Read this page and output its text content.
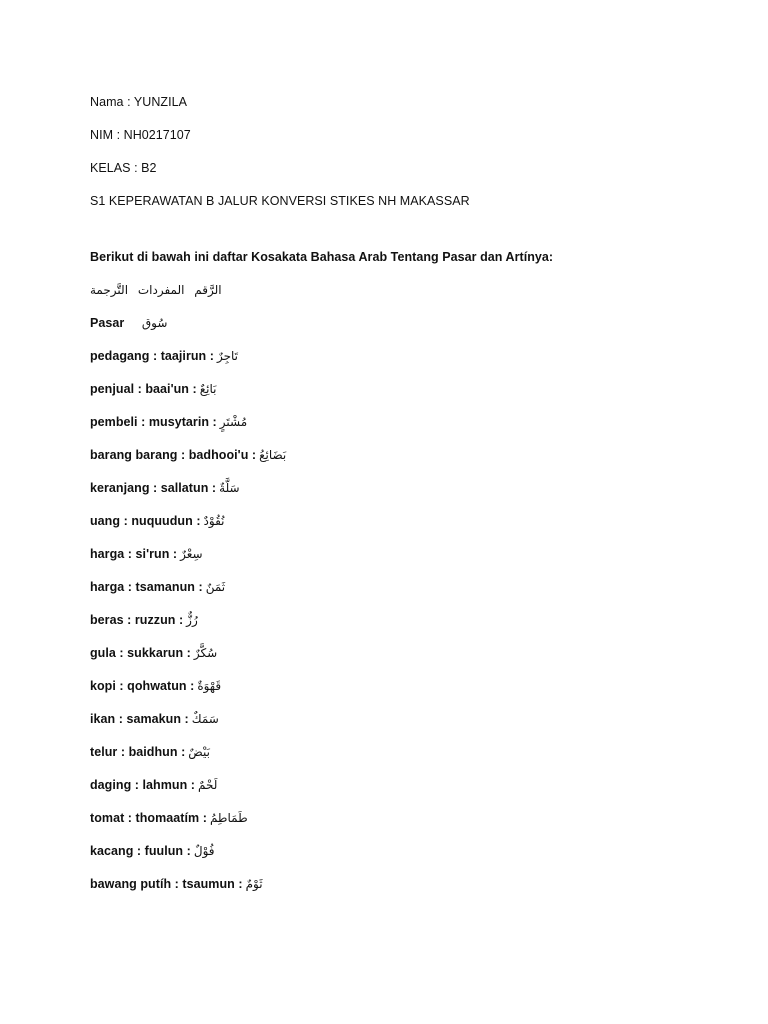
Nama : YUNZILA
NIM : NH0217107
KELAS : B2
S1 KEPERAWATAN B JALUR KONVERSI STIKES NH MAKASSAR
Berikut di bawah ini daftar Kosakata Bahasa Arab Tentang Pasar dan Artínya:
الرَّقم المفردات التَّرجمة
Pasar سُوق
pedagang : taajirun : تَاجِرٌ
penjual : baai'un : بَائِعٌ
pembeli : musytarin : مُشْتَرٍ
barang barang : badhooi'u : بَضَائِعُ
keranjang : sallatun : سَلَّةٌ
uang : nuquudun : نُقُوْدٌ
harga : si'run : سِعْرٌ
harga : tsamanun : ثَمَنٌ
beras : ruzzun : رُزٌّ
gula : sukkarun : سُكَّرٌ
kopi : qohwatun : قَهْوَةٌ
ikan : samakun : سَمَكٌ
telur : baidhun : بَيْضٌ
daging : lahmun : لَحْمٌ
tomat : thomaatím : طَمَاطِمُ
kacang : fuulun : فُوْلٌ
bawang putíh : tsaumun : ثَوْمٌ
